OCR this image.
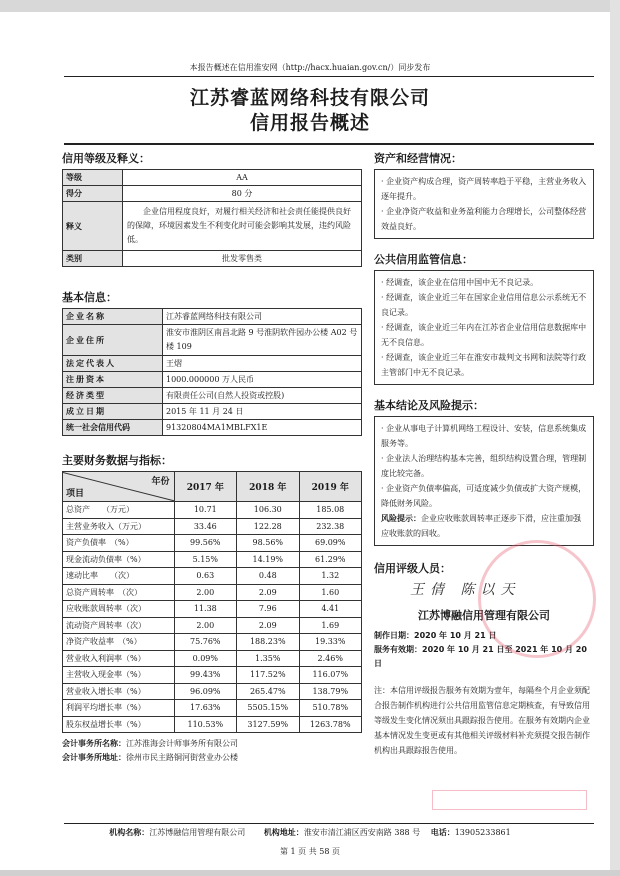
本报告概述在信用淮安网（http://hacx.huaian.gov.cn/）同步发布
江苏睿蓝网络科技有限公司
信用报告概述
信用等级及释义：
等级	AA
得分	80 分
释义	企业信用程度良好，对履行相关经济和社会责任能提供良好的保障，环境因素发生不利变化时可能会影响其发展，违约风险低。
类别	批发零售类
基本信息：
企业名称	江苏睿蓝网络科技有限公司
企业住所	淮安市淮阴区南昌北路 9 号淮阴软件园办公楼 A02 号楼 109
法定代表人	王熠
注册资本	1000.000000 万人民币
经济类型	有限责任公司(自然人投资或控股)
成立日期	2015 年 11 月 24 日
统一社会信用代码	91320804MA1MBLFX1E
主要财务数据与指标：
年份
项目	2017 年	2018 年	2019 年
总资产　　（万元）	10.71	106.30	185.08
主营业务收入（万元）	33.46	122.28	232.38
资产负债率　（%）	99.56%	98.56%	69.09%
现金流动负债率（%）	5.15%	14.19%	61.29%
速动比率　　（次）	0.63	0.48	1.32
总资产周转率　（次）	2.00	2.09	1.60
应收账款周转率（次）	11.38	7.96	4.41
流动资产周转率（次）	2.00	2.09	1.69
净资产收益率　（%）	75.76%	188.23%	19.33%
营业收入利润率（%）	0.09%	1.35%	2.46%
主营收入现金率（%）	99.43%	117.52%	116.07%
营业收入增长率（%）	96.09%	265.47%	138.79%
利润平均增长率（%）	17.63%	5505.15%	510.78%
股东权益增长率（%）	110.53%	3127.59%	1263.78%
会计事务所名称：江苏淮海会计师事务所有限公司
会计事务所地址：徐州市民主路铜河街营业办公楼
资产和经营情况：

· 企业资产构成合理，资产周转率趋于平稳，主营业务收入逐年提升。

· 企业净资产收益和业务盈利能力合理增长，公司整体经营效益良好。

公共信用监管信息：

· 经调查，该企业在信用中国中无不良记录。

· 经调查，该企业近三年在国家企业信用信息公示系统无不良记录。

· 经调查，该企业近三年内在江苏省企业信用信息数据库中无不良信息。

· 经调查，该企业近三年在淮安市裁判文书网和法院等行政主管部门中无不良记录。

基本结论及风险提示：

· 企业从事电子计算机网络工程设计、安装，信息系统集成服务等。

· 企业法人治理结构基本完善，组织结构设置合理，管理制度比较完备。

· 企业资产负债率偏高，可适度减少负债或扩大资产规模，降低财务风险。

风险提示：企业应收账款周转率正逐步下滑，应注重加强应收账款的回收。

信用评级人员：
王倩 陈以天
江苏博融信用管理有限公司
制作日期：2020 年 10 月 21 日
服务有效期：2020 年 10 月 21 日至 2021 年 10 月 20 日
注：本信用评级报告服务有效期为壹年，每隔叁个月企业须配合报告制作机构进行公共信用监管信息定期核查，有导致信用等级发生变化情况须出具跟踪报告使用。在服务有效期内企业基本情况发生变更或有其他相关评级材料补充须提交报告制作机构出具跟踪报告使用。
机构名称：江苏博融信用管理有限公司 　　 机构地址：淮安市清江浦区西安南路 388 号 　 电话：13905233861
第 1 页 共 58 页
